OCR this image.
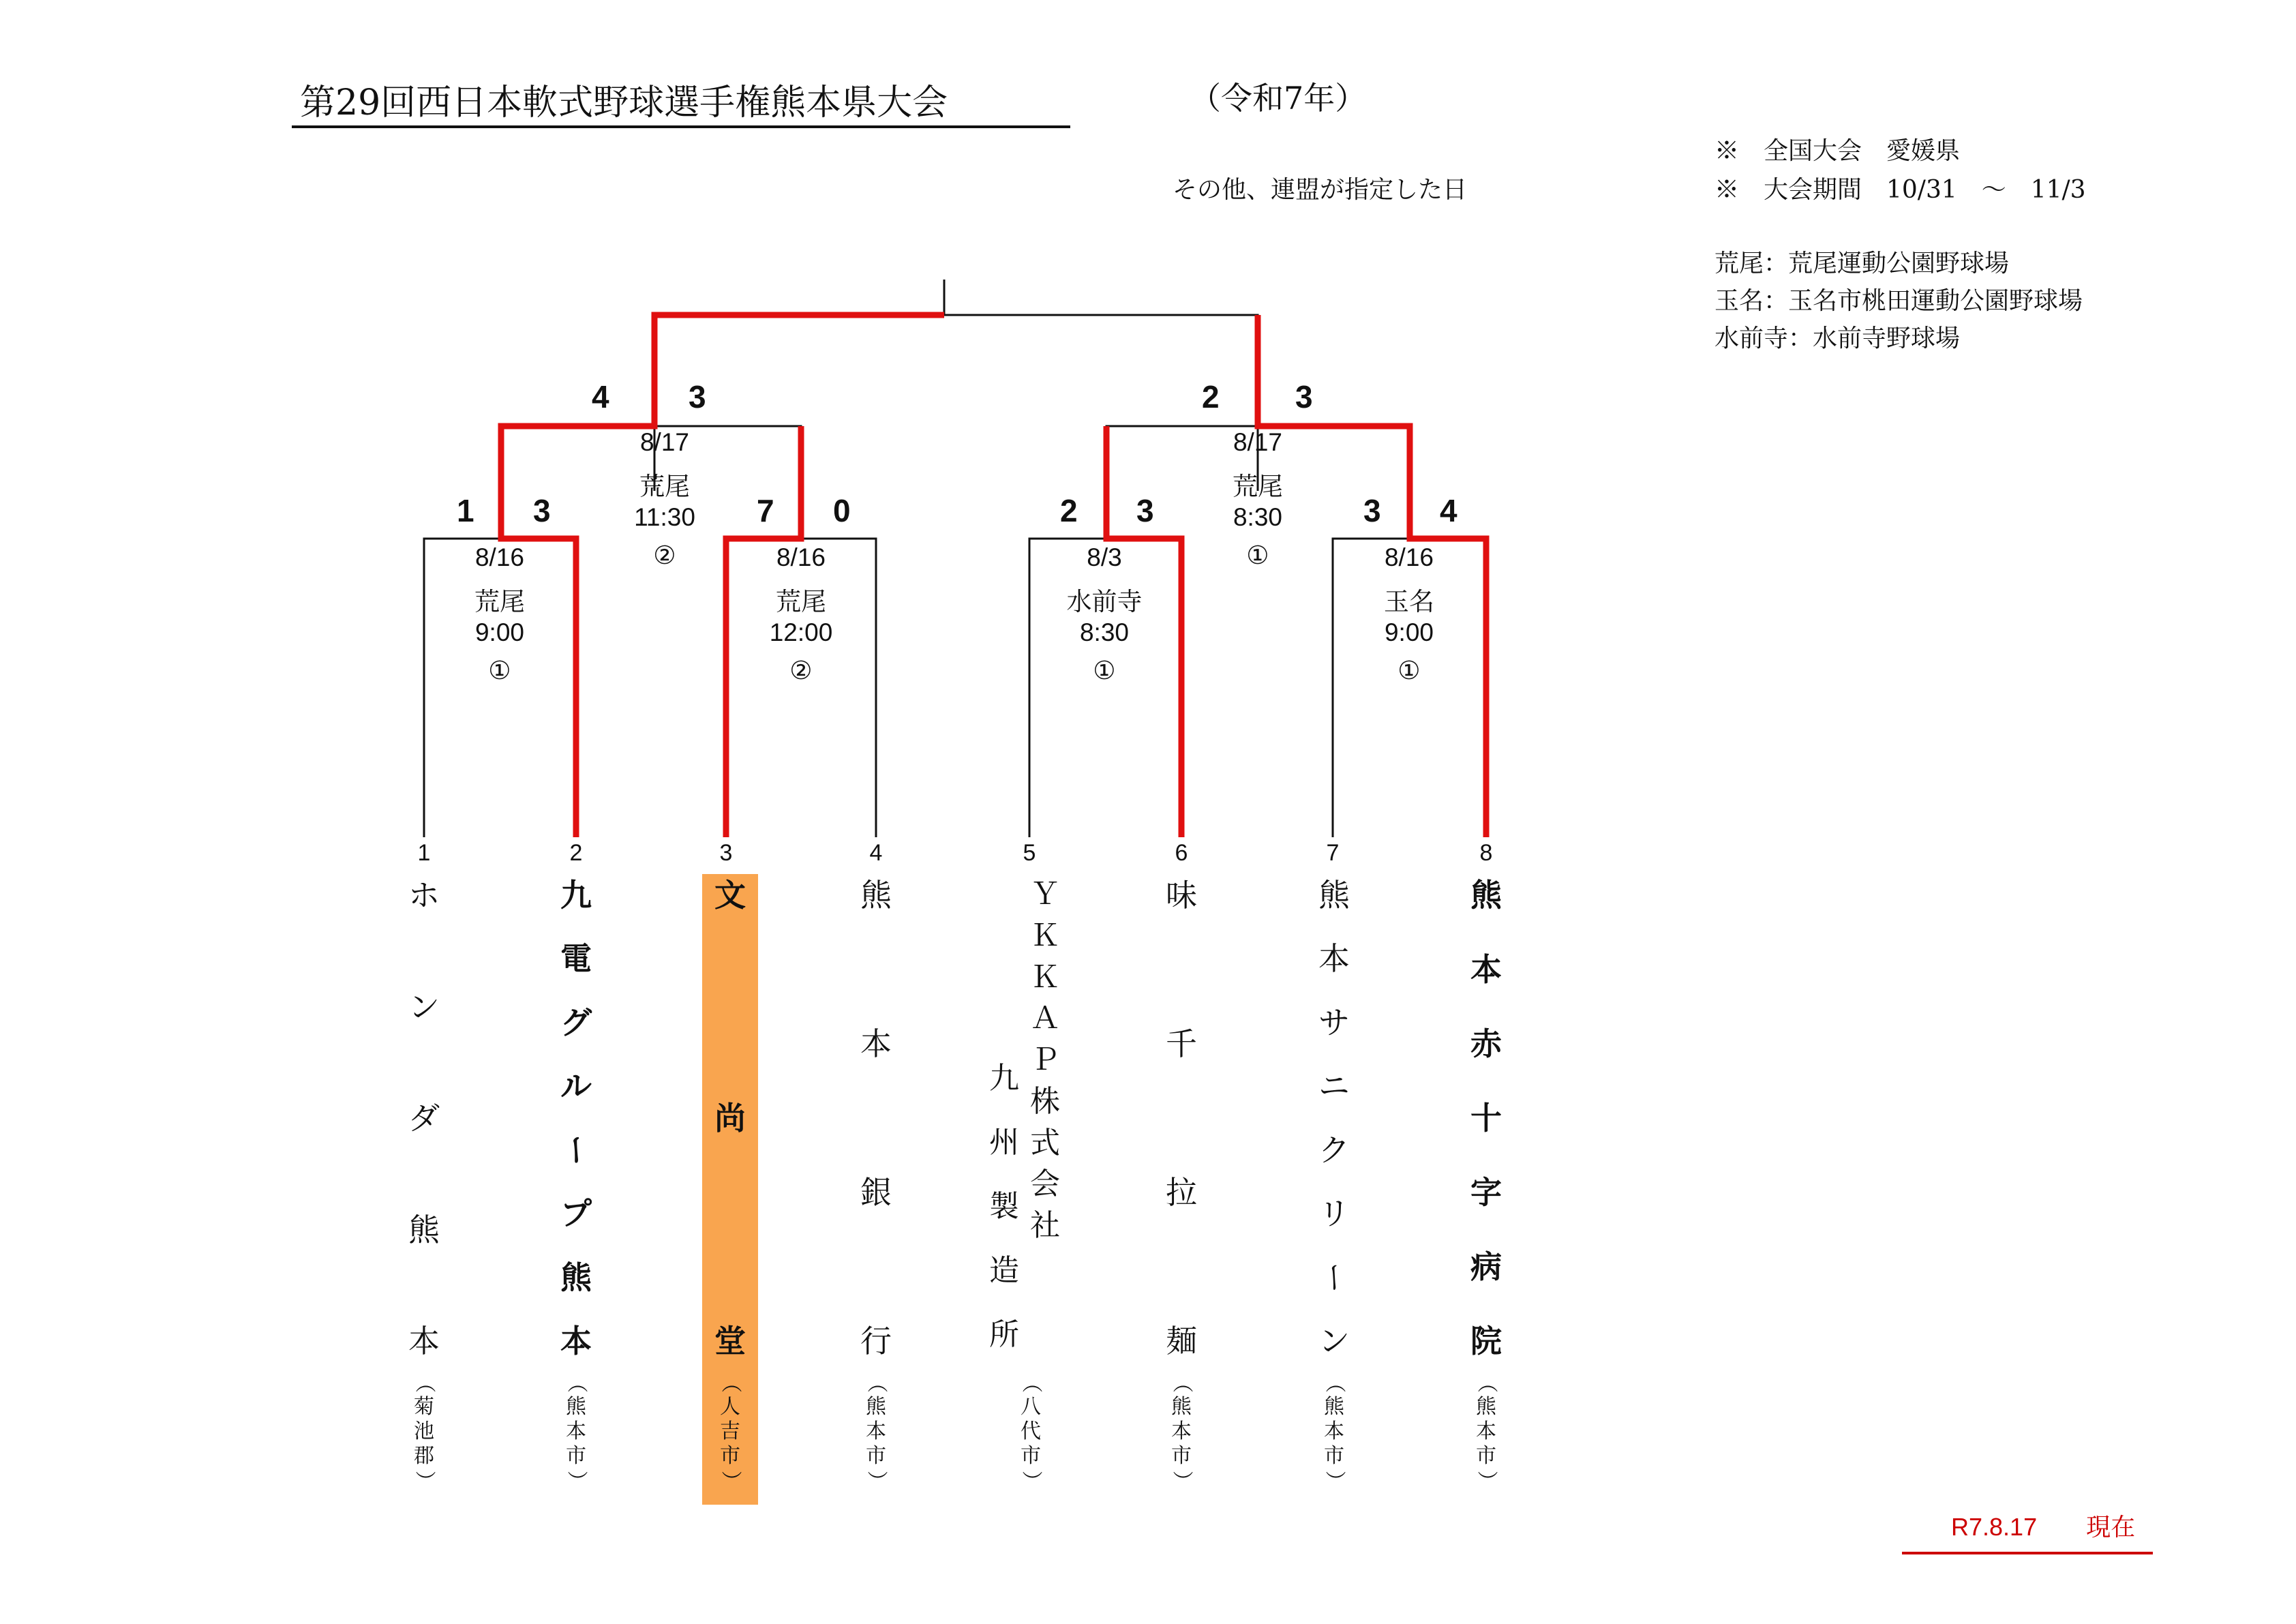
第29回西日本軟式野球選手権熊本県大会	（令和7年）
その他、連盟が指定した日
※　全国大会　愛媛県
※　大会期間　10/31　～　11/3
荒尾：荒尾運動公園野球場
玉名：玉名市桃田運動公園野球場
水前寺：水前寺野球場
4	3	2 3
8/17
荒尾
11:30
②
8/17
荒尾
8:30
①
1 3	7 0	2 3	3 4
8/16
荒尾
9:00
①
8/16
荒尾
12:00
②
8/3
水前寺
8:30
①
8/16
玉名
9:00
①
1	2	3	4	5	6	7	8
ホ
ン
ダ
熊
本
（
菊
池
郡
）

九
電
グ
ル
ー
プ
熊
本
（
熊
本
市
）

文
尚
堂
（
人
吉
市
）

熊
本
銀
行
（
熊
本
市
）

Ｙ
Ｋ
Ｋ
Ａ
Ｐ
株
式
会
社
九
州
製
造
所
（
八
代
市
）

味
千
拉
麺
（
熊
本
市
）

熊
本
サ
ニ
ク
リ
ー
ン
（
熊
本
市
）

熊
本
赤
十
字
病
院
（
熊
本
市
）

R7.8.17　　現在
